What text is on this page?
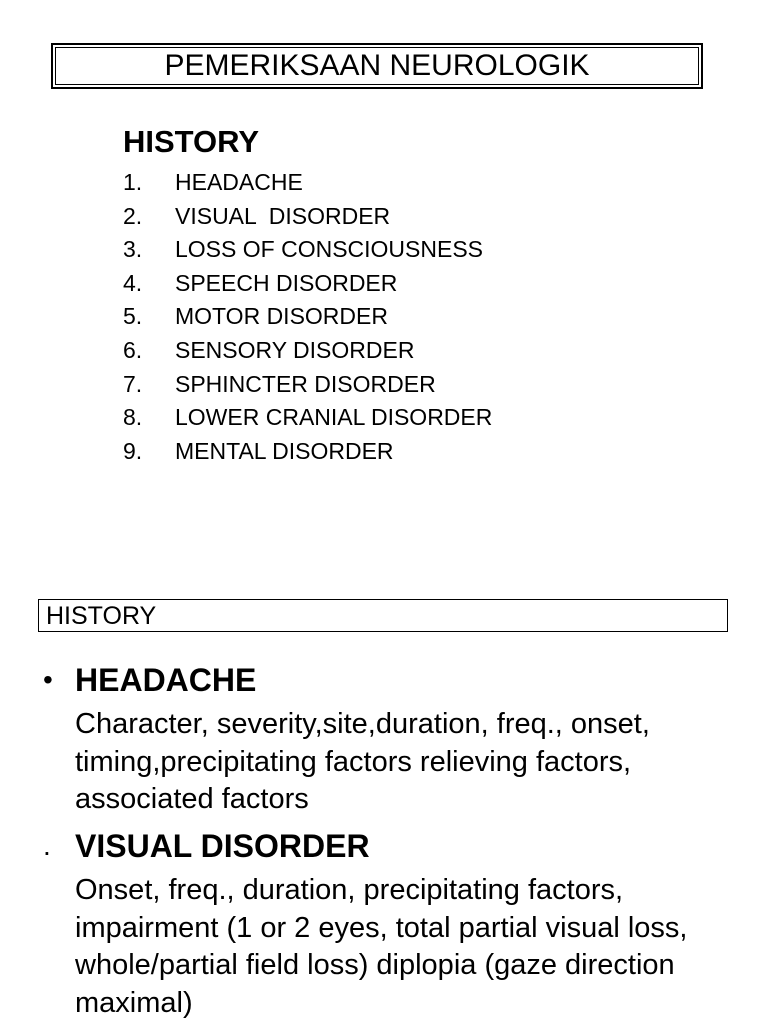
PEMERIKSAAN NEUROLOGIK
HISTORY
1.	HEADACHE
2.	VISUAL  DISORDER
3.	LOSS OF CONSCIOUSNESS
4.	SPEECH DISORDER
5.	MOTOR DISORDER
6.	SENSORY DISORDER
7.	SPHINCTER DISORDER
8.	LOWER CRANIAL DISORDER
9.	MENTAL DISORDER
HISTORY
• HEADACHE
Character, severity,site,duration, freq., onset, timing,precipitating factors relieving factors, associated factors
. VISUAL DISORDER
Onset, freq., duration, precipitating factors, impairment (1 or 2 eyes, total partial visual loss, whole/partial field loss) diplopia (gaze direction maximal)
